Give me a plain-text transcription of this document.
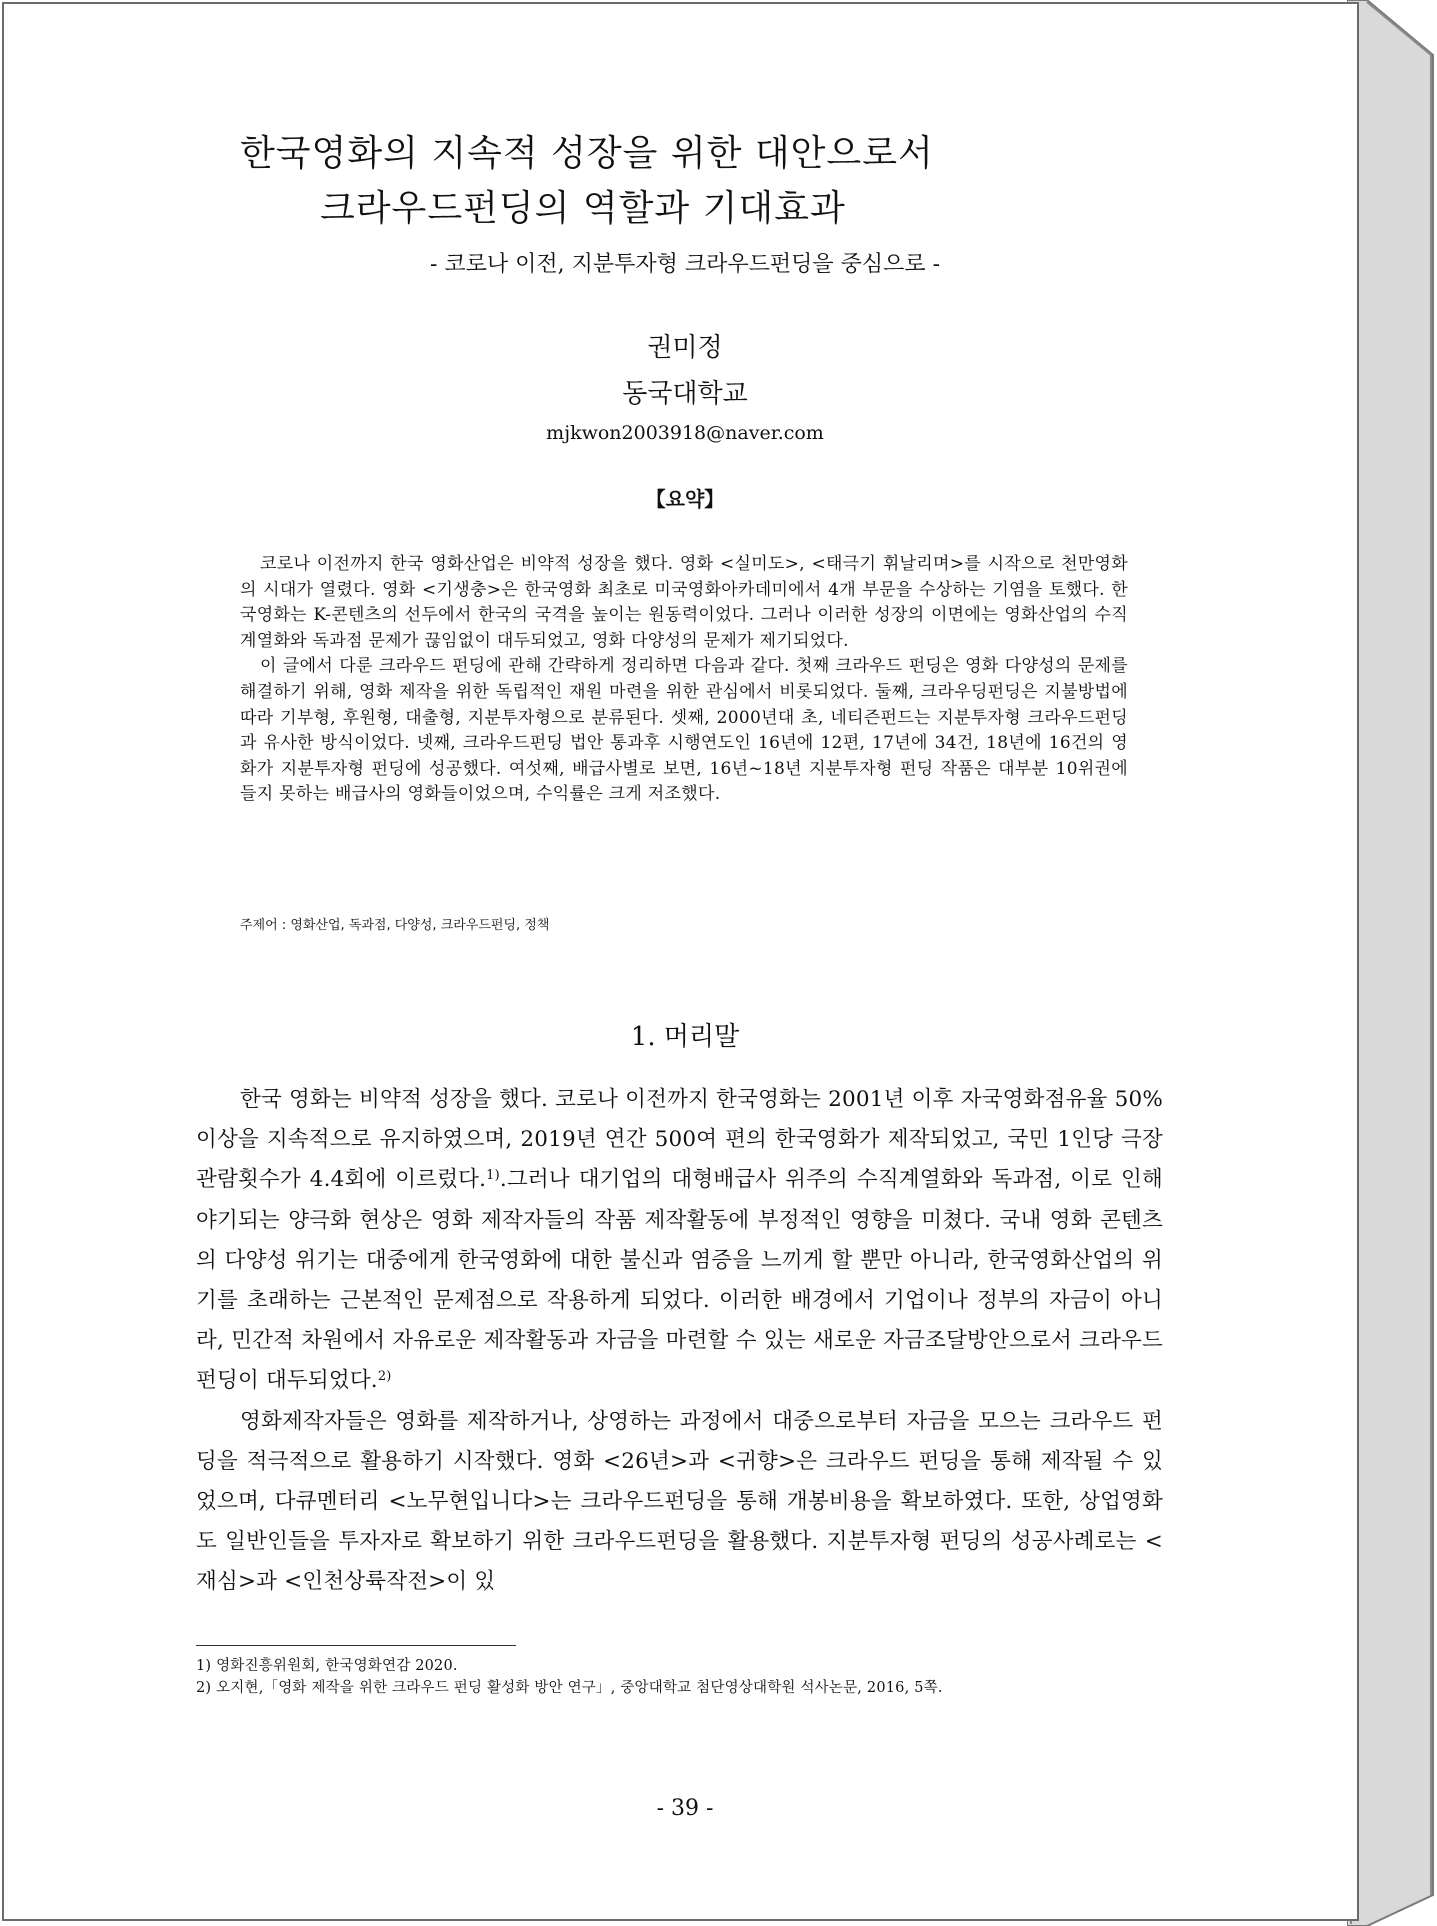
한국영화의 지속적 성장을 위한 대안으로서
크라우드펀딩의 역할과 기대효과

- 코로나 이전, 지분투자형 크라우드펀딩을 중심으로 -

권미정

동국대학교

mjkwon2003918@naver.com

【요약】

코로나 이전까지 한국 영화산업은 비약적 성장을 했다. 영화 <실미도>, <태극기 휘날리며>를 시작으로 천만영화의 시대가 열렸다. 영화 <기생충>은 한국영화 최초로 미국영화아카데미에서 4개 부문을 수상하는 기염을 토했다. 한국영화는 K-콘텐츠의 선두에서 한국의 국격을 높이는 원동력이었다. 그러나 이러한 성장의 이면에는 영화산업의 수직계열화와 독과점 문제가 끊임없이 대두되었고, 영화 다양성의 문제가 제기되었다.

이 글에서 다룬 크라우드 펀딩에 관해 간략하게 정리하면 다음과 같다. 첫째 크라우드 펀딩은 영화 다양성의 문제를 해결하기 위해, 영화 제작을 위한 독립적인 재원 마련을 위한 관심에서 비롯되었다. 둘째, 크라우딩펀딩은 지불방법에 따라 기부형, 후원형, 대출형, 지분투자형으로 분류된다. 셋째, 2000년대 초, 네티즌펀드는 지분투자형 크라우드펀딩과 유사한 방식이었다. 넷째, 크라우드펀딩 법안 통과후 시행연도인 16년에 12편, 17년에 34건, 18년에 16건의 영화가 지분투자형 펀딩에 성공했다. 여섯째, 배급사별로 보면, 16년~18년 지분투자형 펀딩 작품은 대부분 10위권에 들지 못하는 배급사의 영화들이었으며, 수익률은 크게 저조했다.

주제어 : 영화산업, 독과점, 다양성, 크라우드펀딩, 정책

1. 머리말

한국 영화는 비약적 성장을 했다. 코로나 이전까지 한국영화는 2001년 이후 자국영화점유율 50% 이상을 지속적으로 유지하였으며, 2019년 연간 500여 편의 한국영화가 제작되었고, 국민 1인당 극장 관람횟수가 4.4회에 이르렀다.$^{1)}$.그러나 대기업의 대형배급사 위주의 수직계열화와 독과점, 이로 인해 야기되는 양극화 현상은 영화 제작자들의 작품 제작활동에 부정적인 영향을 미쳤다. 국내 영화 콘텐츠의 다양성 위기는 대중에게 한국영화에 대한 불신과 염증을 느끼게 할 뿐만 아니라, 한국영화산업의 위기를 초래하는 근본적인 문제점으로 작용하게 되었다. 이러한 배경에서 기업이나 정부의 자금이 아니라, 민간적 차원에서 자유로운 제작활동과 자금을 마련할 수 있는 새로운 자금조달방안으로서 크라우드펀딩이 대두되었다.$^{2)}$

영화제작자들은 영화를 제작하거나, 상영하는 과정에서 대중으로부터 자금을 모으는 크라우드 펀딩을 적극적으로 활용하기 시작했다. 영화 <26년>과 <귀향>은 크라우드 펀딩을 통해 제작될 수 있었으며, 다큐멘터리 <노무현입니다>는 크라우드펀딩을 통해 개봉비용을 확보하였다. 또한, 상업영화도 일반인들을 투자자로 확보하기 위한 크라우드펀딩을 활용했다. 지분투자형 펀딩의 성공사례로는 <재심>과 <인천상륙작전>이 있

1) 영화진흥위원회, 한국영화연감 2020.

2) 오지현,「영화 제작을 위한 크라우드 펀딩 활성화 방안 연구」, 중앙대학교 첨단영상대학원 석사논문, 2016, 5쪽.

- 39 -
